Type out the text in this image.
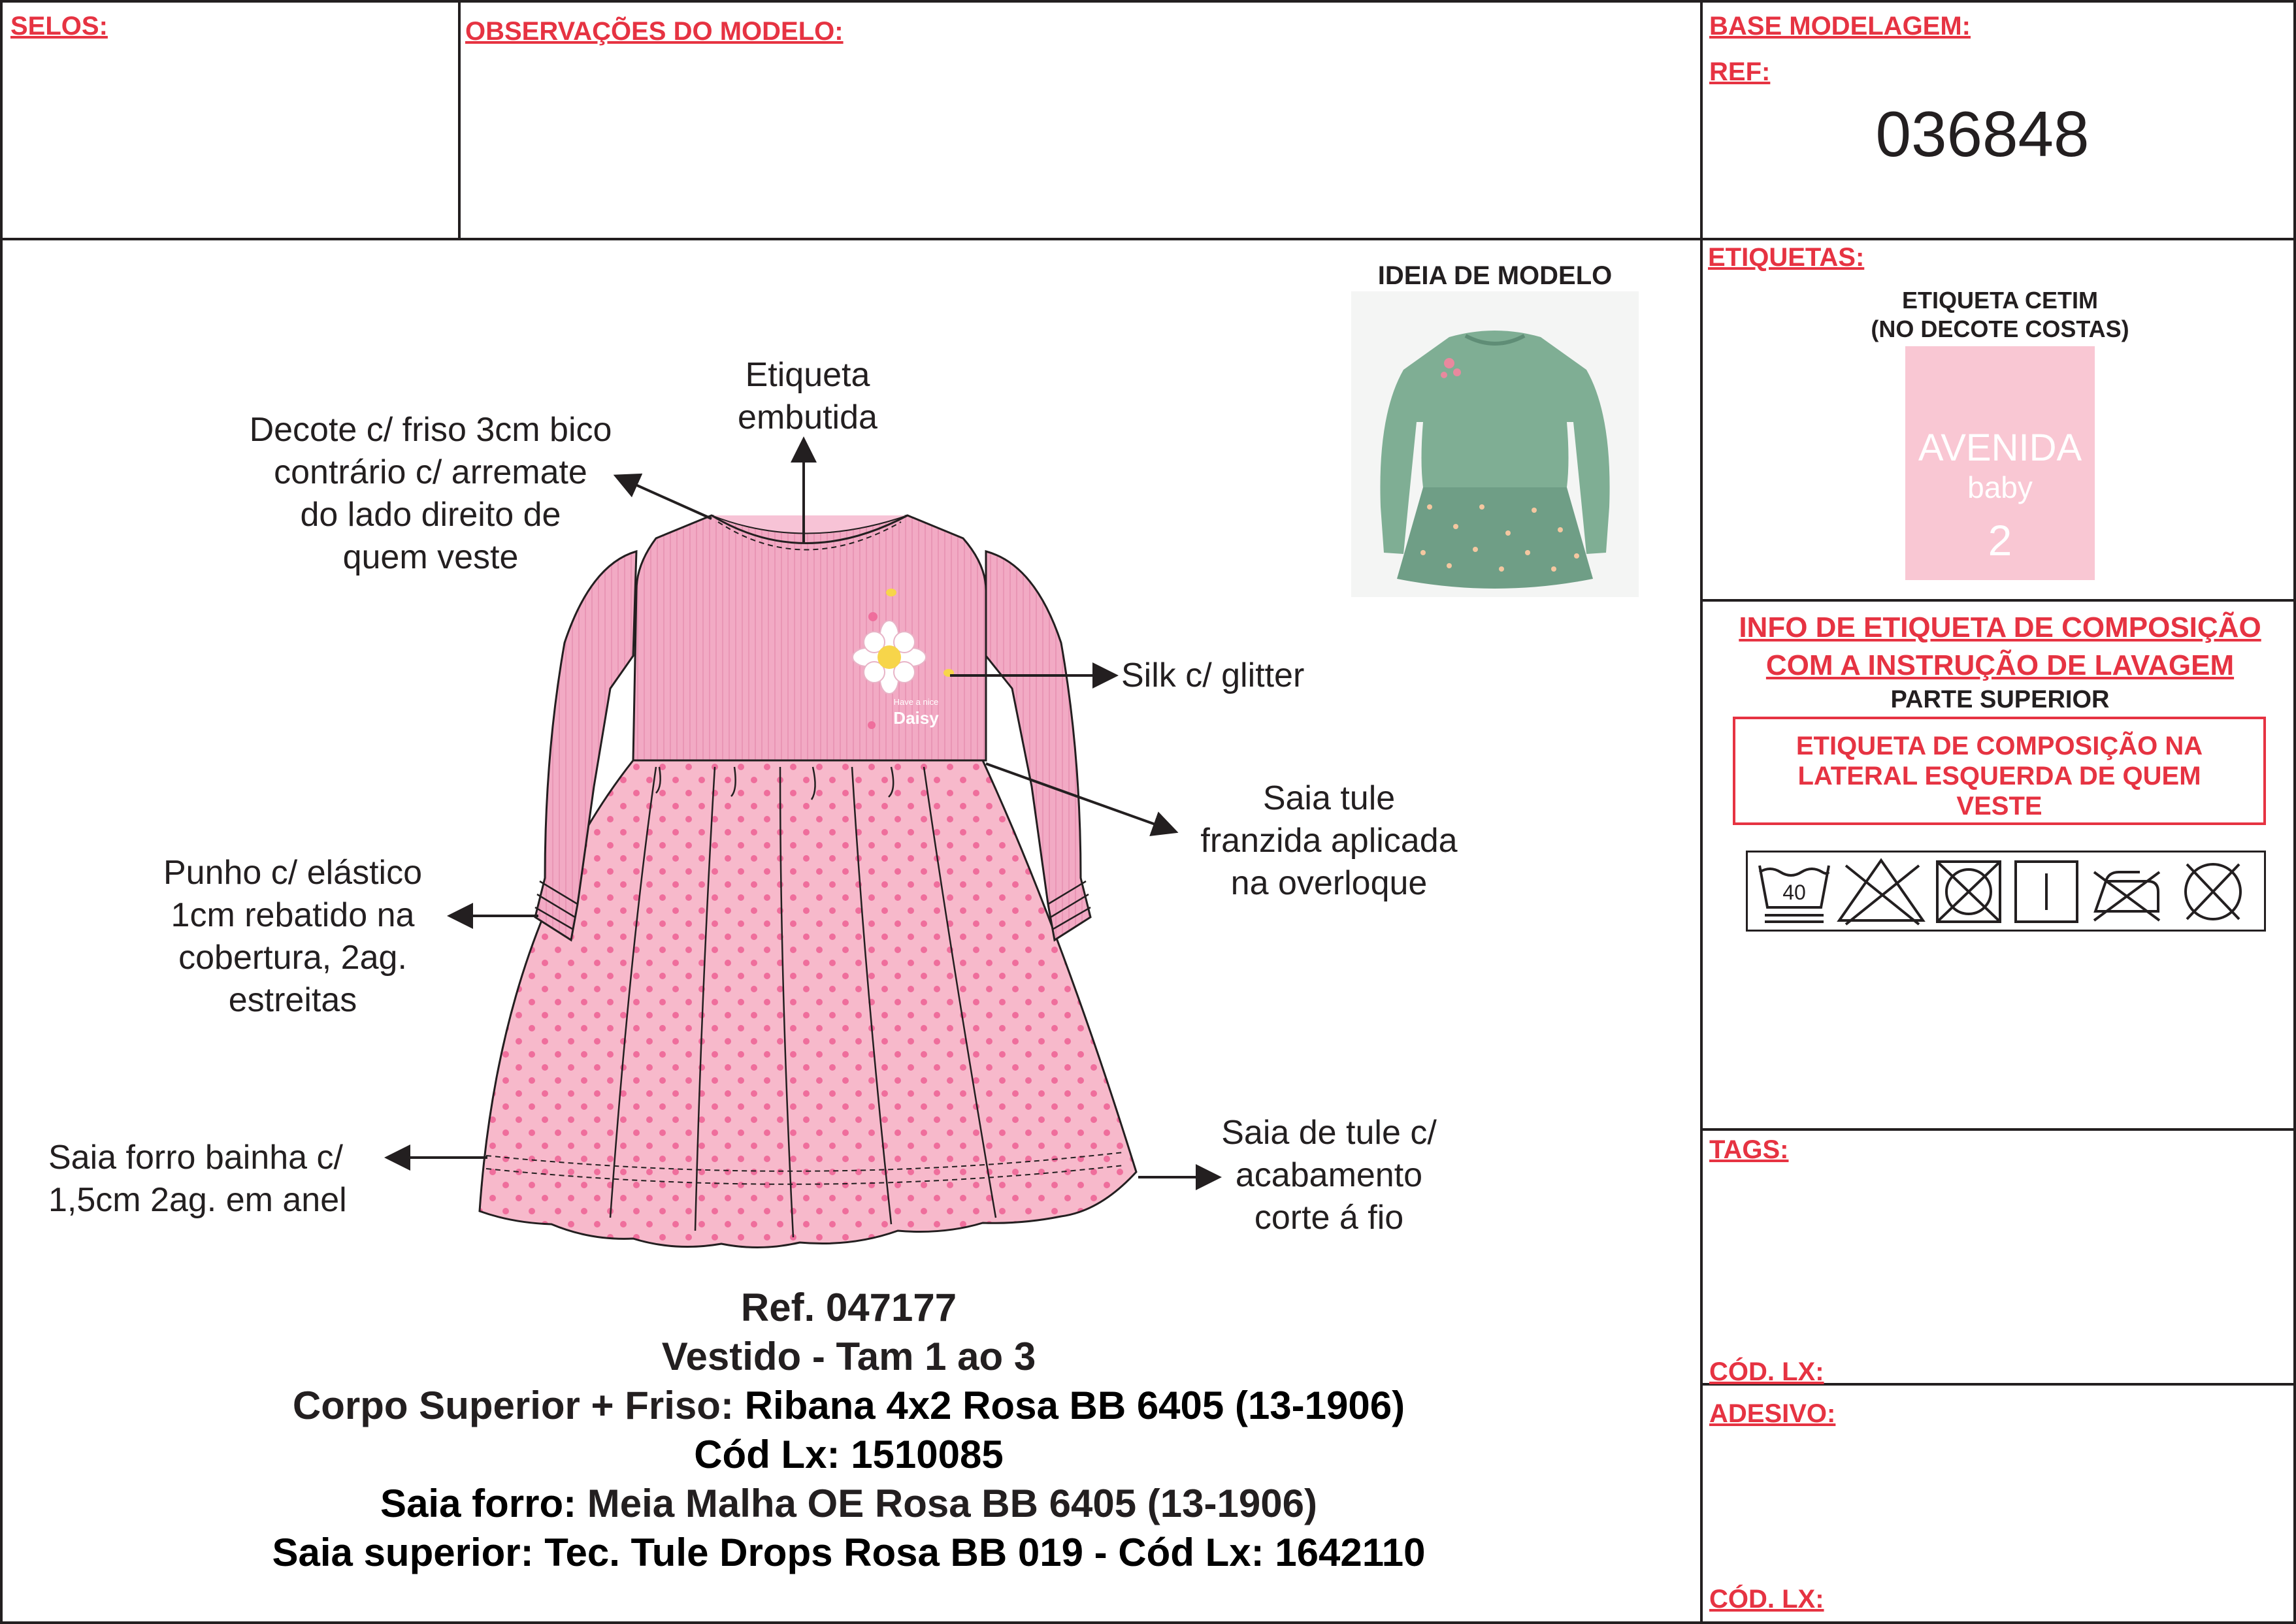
SELOS:	OBSERVAÇÕES DO MODELO:	BASE MODELAGEM:
REF:
036848
IDEIA DE MODELO
Etiqueta
embutida
Decote c/ friso 3cm bico
contrário c/ arremate
do lado direito de
quem veste
Silk c/ glitter
Saia tule
franzida aplicada
na overloque
Punho c/ elástico
1cm rebatido na
cobertura, 2ag.
estreitas
Saia forro bainha c/
1,5cm 2ag. em anel
Saia de tule c/
acabamento
corte á fio
Have a nice
Daisy
Ref. 047177
Vestido - Tam 1 ao 3
Corpo Superior + Friso: Ribana 4x2 Rosa BB 6405 (13-1906)
Cód Lx: 1510085
Saia forro: Meia Malha OE Rosa BB 6405 (13-1906)
Saia superior: Tec. Tule Drops Rosa BB 019 - Cód Lx: 1642110
ETIQUETAS:
ETIQUETA CETIM
(NO DECOTE COSTAS)
AVENIDA
baby
2
INFO DE ETIQUETA DE COMPOSIÇÃO
COM A INSTRUÇÃO DE LAVAGEM
PARTE SUPERIOR
ETIQUETA DE COMPOSIÇÃO NA
LATERAL ESQUERDA DE QUEM
VESTE
40
TAGS:
CÓD. LX:
ADESIVO:
CÓD. LX:
